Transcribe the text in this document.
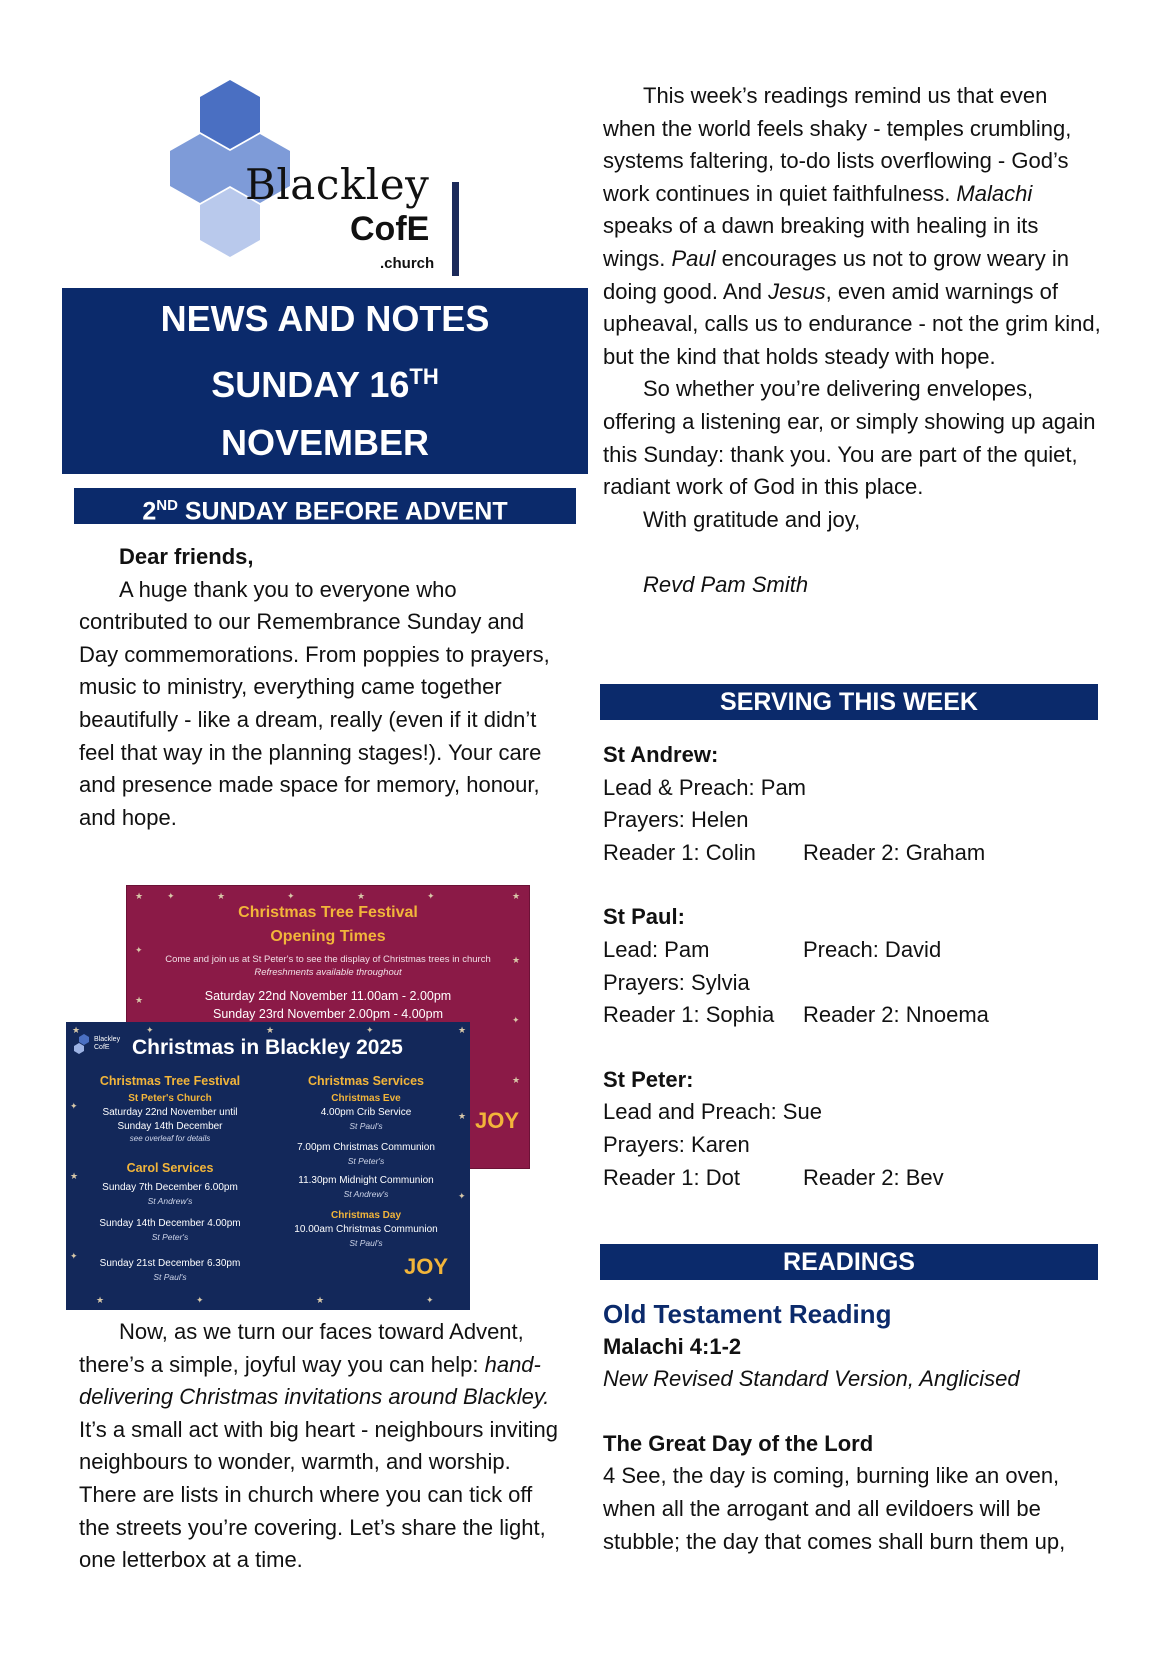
Blackley
CofE
.church
NEWS AND NOTES
SUNDAY 16TH
NOVEMBER
2ND SUNDAY BEFORE ADVENT

Dear friends,

A huge thank you to everyone who contributed to our Remembrance Sunday and Day commemorations. From poppies to prayers, music to ministry, everything came together beautifully - like a dream, really (even if it didn’t feel that way in the planning stages!). Your care and presence made space for memory, honour, and hope.

Christmas Tree Festival
Opening Times
Come and join us at St Peter's to see the display of Christmas trees in church
Refreshments available throughout
Saturday 22nd November 11.00am - 2.00pm
Sunday 23rd November 2.00pm - 4.00pm
JOY
★	✦	★	✦	★	✦	★
✦
★
★
✦
★
Blackley CofE	Christmas in Blackley 2025
Christmas Tree Festival
St Peter's Church
Saturday 22nd November until
Sunday 14th December
see overleaf for details
Carol Services
Sunday 7th December 6.00pm
St Andrew's
Sunday 14th December 4.00pm
St Peter's
Sunday 21st December 6.30pm
St Paul's
Christmas Services
Christmas Eve
4.00pm Crib Service
St Paul's
7.00pm Christmas Communion
St Peter's
11.30pm Midnight Communion
St Andrew's
Christmas Day
10.00am Christmas Communion
St Paul's
JOY
★	✦	★	✦	★
✦
★
✦
★
✦
★	✦	★	✦

Now, as we turn our faces toward Advent, there’s a simple, joyful way you can help: hand-delivering Christmas invitations around Blackley. It’s a small act with big heart - neighbours inviting neighbours to wonder, warmth, and worship. There are lists in church where you can tick off the streets you’re covering. Let’s share the light, one letterbox at a time.

This week’s readings remind us that even when the world feels shaky - temples crumbling, systems faltering, to-do lists overflowing - God’s work continues in quiet faithfulness. Malachi speaks of a dawn breaking with healing in its wings. Paul encourages us not to grow weary in doing good. And Jesus, even amid warnings of upheaval, calls us to endurance - not the grim kind, but the kind that holds steady with hope.

So whether you’re delivering envelopes, offering a listening ear, or simply showing up again this Sunday: thank you. You are part of the quiet, radiant work of God in this place.

With gratitude and joy,

Revd Pam Smith

SERVING THIS WEEK

St Andrew:

Lead & Preach: Pam

Prayers: Helen

Reader 1: Colin Reader 2: Graham

St Paul:

Lead: Pam	Preach: David

Prayers: Sylvia

Reader 1: Sophia Reader 2: Nnoema

St Peter:

Lead and Preach: Sue

Prayers: Karen

Reader 1: Dot	Reader 2: Bev

READINGS

Old Testament Reading

Malachi 4:1-2

New Revised Standard Version, Anglicised

The Great Day of the Lord

4 See, the day is coming, burning like an oven, when all the arrogant and all evildoers will be stubble; the day that comes shall burn them up,
